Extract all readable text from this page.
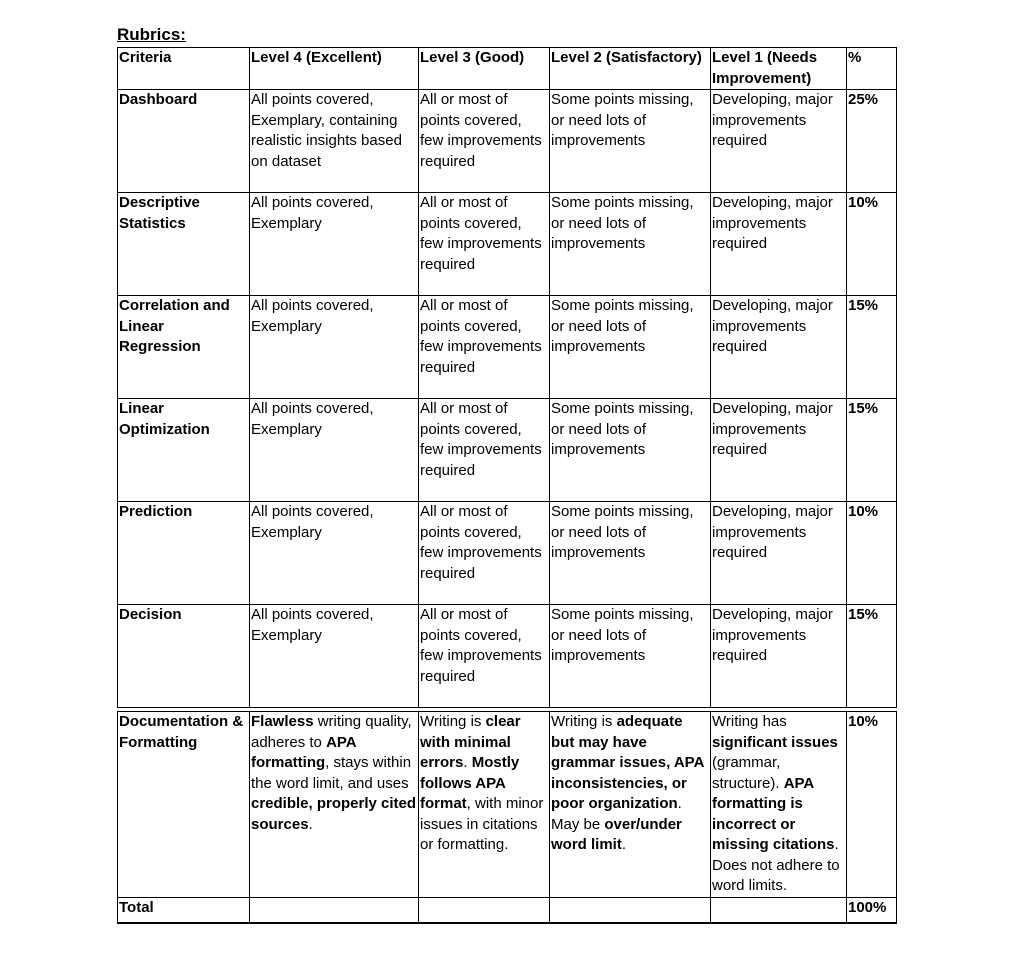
Rubrics:
Criteria	Level 4 (Excellent)	Level 3 (Good)	Level 2 (Satisfactory)	Level 1 (Needs Improvement)	%
Dashboard	All points covered, Exemplary, containing realistic insights based on dataset	All or most of points covered, few improvements required	Some points missing, or need lots of improvements	Developing, major improvements required	25%
Descriptive Statistics	All points covered, Exemplary	All or most of points covered, few improvements required	Some points missing, or need lots of improvements	Developing, major improvements required	10%
Correlation and Linear Regression	All points covered, Exemplary	All or most of points covered, few improvements required	Some points missing, or need lots of improvements	Developing, major improvements required	15%
Linear Optimization	All points covered, Exemplary	All or most of points covered, few improvements required	Some points missing, or need lots of improvements	Developing, major improvements required	15%
Prediction	All points covered, Exemplary	All or most of points covered, few improvements required	Some points missing, or need lots of improvements	Developing, major improvements required	10%
Decision	All points covered, Exemplary	All or most of points covered, few improvements required	Some points missing, or need lots of improvements	Developing, major improvements required	15%
Documentation & Formatting	Flawless writing quality, adheres to APA formatting, stays within the word limit, and uses credible, properly cited sources.	Writing is clear with minimal errors. Mostly follows APA format, with minor issues in citations or formatting.	Writing is adequate but may have grammar issues, APA inconsistencies, or poor organization. May be over/under word limit.	Writing has significant issues (grammar, structure). APA formatting is incorrect or missing citations. Does not adhere to word limits.	10%
Total					100%
